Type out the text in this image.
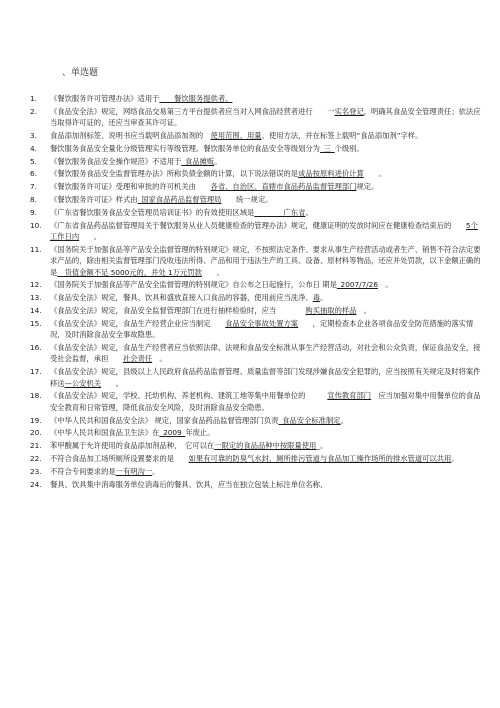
、单选题
1.	《餐饮服务许可管理办法》适用于　　餐饮服务提供者。
2.	《食品安全法》规定，网络食品交易第三方平台提供者应当对入网食品经营者进行　　一实名登记，明确其食品安全管理责任；依法应当取得许可证的，还应当审查其许可证。
3.	食品添加剂标签、说明书应当载明食品添加剂的　使用范围、用量、使用方法，并在标签上载明“食品添加剂”字样。
4.	餐饮服务食品安全量化分级管理实行等级管理。餐饮服务单位的食品安全等级划分为_三_个级别。
5.	《餐饮服务食品安全操作规范》不适用于_食品摊贩。
6.	《餐饮服务食品安全监督管理办法》所称负债金额的计算，以下说法错误的是成品按原料进价计算　　。
7.	《餐饮服务许可证》受理和审批的许可机关由　　各省、自治区、直辖市食品药品监督管理部门规定。
8.	《餐饮服务许可证》样式由_国家食品药品监督管理局　　统一规定。
9.	《广东省餐饮服务食品安全管理员培训证书》的有效使用区域是　　　　广东省。
10.	《广东省食品药品监督管理局关于餐饮服务从业人员健康检查的管理办法》规定，健康证明的发放时间应在健康检查结束后的　　5个工作日内　　。
11.	《国务院关于加强食品等产品安全监督管理的特别规定》规定，不按照法定条件、要求从事生产经营活动或者生产、销售不符合法定要求产品的，除由相关监督管理部门没收违法所得、产品和用于违法生产的工具、设备、原材料等物品，还应并处罚款，以下金额正确的是　货值金额不足 5000元的，并处 1万元罚款　　。
12.	《国务院关于加强食品等产品安全监督管理的特别规定》自公布之日起施行，公布日 期是_2007/7/26　。
13.	《食品安全法》规定，餐具、饮具和盛放直接入口食品的容器，使用前应当洗净、毒。
14.	《食品安全法》规定，食品安全监督管理部门在进行抽样检验时，应当　　　　购买抽取的样品　。
15.	《食品安全法》规定，食品生产经营企业应当制定　　食品安全事故处置方案　　，定期检查本企业各项食品安全防范措施的落实情况，及时消除食品安全事故隐患。
16.	《食品安全法》规定，食品生产经营者应当依照法律、法规和食品安全标准从事生产经营活动，对社会和公众负责，保证食品安全，接受社会监督，承担　　社会责任　。
17.	《食品安全法》规定，县级以上人民政府食品药品监督管理、质量监督等部门发现涉嫌食品安全犯罪的，应当按照有关规定及时将案件移送—公安机关　　。
18.	《食品安全法》规定，学校、托幼机构、养老机构、建筑工地等集中用餐单位的　　　宣传教育部门　应当加强对集中用餐单位的食品安全教育和日常管理，降低食品安全风险，及时消除食品安全隐患。
19.	《中华人民共和国食品安全法》 规定，国家食品药品监督管理部门负责_食品安全标准制定。
20.	《中华人民共和国食品卫生法》在_2009_年废止。
21.	苯甲酸属于允许使用的食品添加剂品种，　它可以在一限定的食品品种中按限量使用_。
22.	不符合食品加工场所厕所设置要求的是　　如果有可靠的防臭气水封，厕所排污管道与食品加工操作场所的排水管道可以共用。
23.	不符合专间要求的是一有明沟一。
24.	餐具、饮具集中消毒服务单位消毒后的餐具、饮具，应当在独立包装上标注单位名称、
